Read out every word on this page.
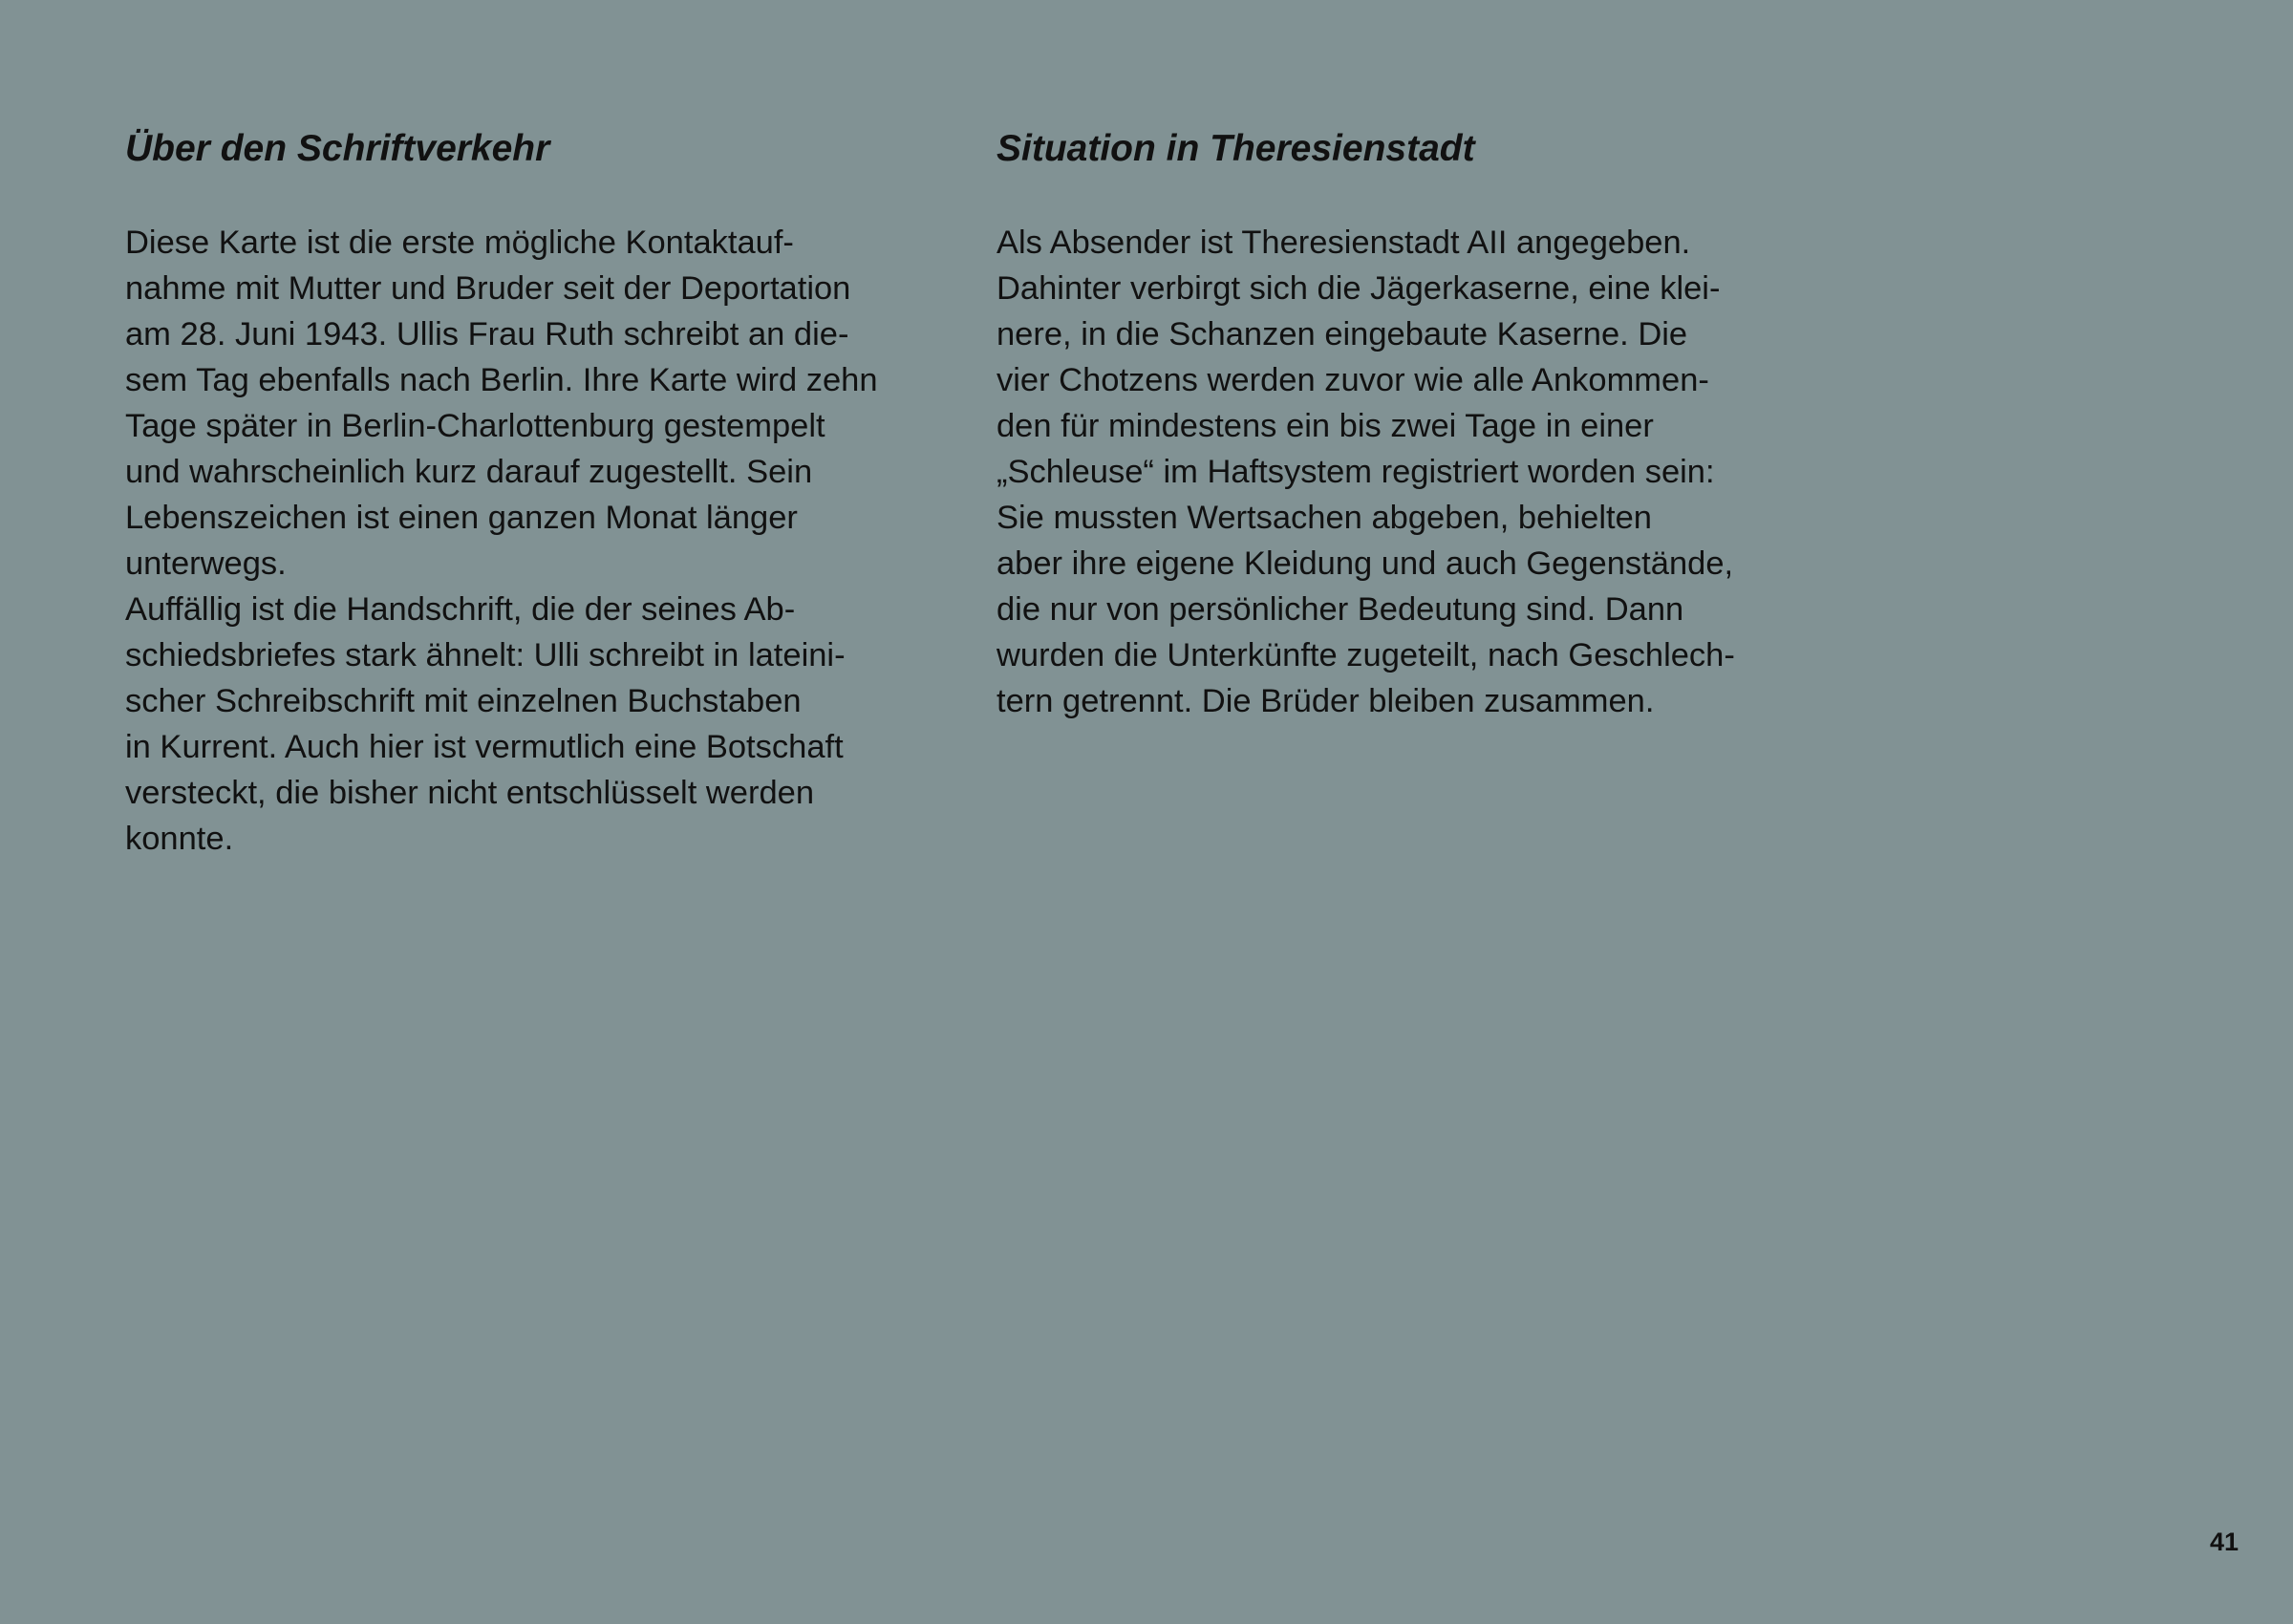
Über den Schriftverkehr

Diese Karte ist die erste mögliche Kontaktauf-
nahme mit Mutter und Bruder seit der Deportation
am 28. Juni 1943. Ullis Frau Ruth schreibt an die-
sem Tag ebenfalls nach Berlin. Ihre Karte wird zehn
Tage später in Berlin-Charlottenburg gestempelt
und wahrscheinlich kurz darauf zugestellt. Sein
Lebenszeichen ist einen ganzen Monat länger
unterwegs.
Auffällig ist die Handschrift, die der seines Ab-
schiedsbriefes stark ähnelt: Ulli schreibt in lateini-
scher Schreibschrift mit einzelnen Buchstaben
in Kurrent. Auch hier ist vermutlich eine Botschaft
versteckt, die bisher nicht entschlüsselt werden
konnte.

Situation in Theresienstadt

Als Absender ist Theresienstadt AII angegeben.
Dahinter verbirgt sich die Jägerkaserne, eine klei-
nere, in die Schanzen eingebaute Kaserne. Die
vier Chotzens werden zuvor wie alle Ankommen-
den für mindestens ein bis zwei Tage in einer
„Schleuse“ im Haftsystem registriert worden sein:
Sie mussten Wertsachen abgeben, behielten
aber ihre eigene Kleidung und auch Gegenstände,
die nur von persönlicher Bedeutung sind. Dann
wurden die Unterkünfte zugeteilt, nach Geschlech-
tern getrennt. Die Brüder bleiben zusammen.

41
